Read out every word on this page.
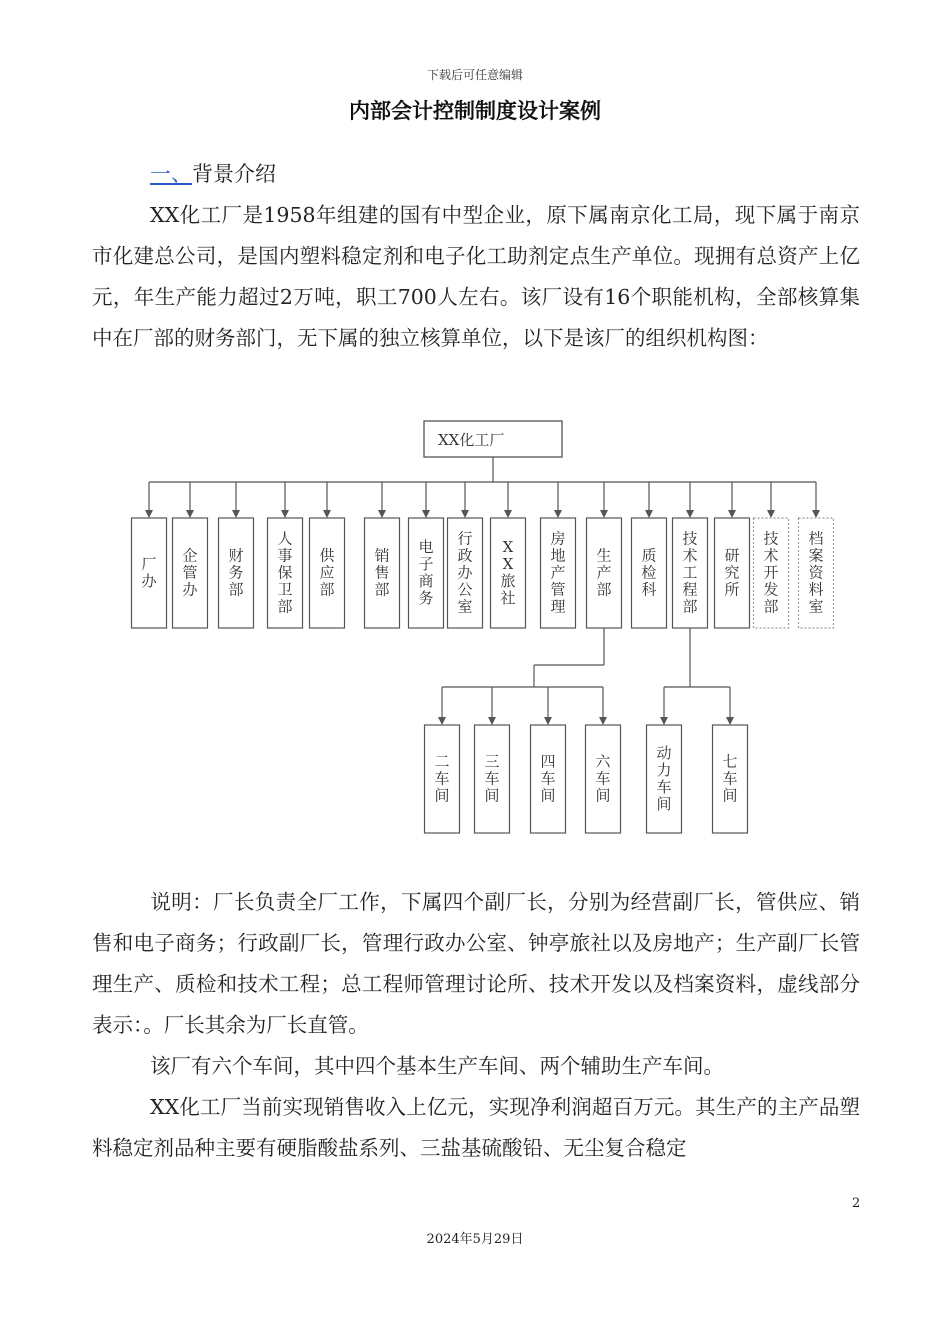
下载后可任意编辑
内部会计控制制度设计案例
一、背景介绍
XX化工厂是1958年组建的国有中型企业，原下属南京化工局，现下属于南京市化建总公司，是国内塑料稳定剂和电子化工助剂定点生产单位。现拥有总资产上亿元，年生产能力超过2万吨，职工700人左右。该厂设有16个职能机构，全部核算集中在厂部的财务部门，无下属的独立核算单位，以下是该厂的组织机构图：
XX化工厂
厂
办
企
管
办
财
务
部
人
事
保
卫
部
供
应
部
销
售
部
电
子
商
务
行
政
办
公
室
X
X
旅
社
房
地
产
管
理
生
产
部
质
检
科
技
术
工
程
部
研
究
所
技
术
开
发
部
档
案
资
料
室
二
车
间
三
车
间
四
车
间
六
车
间
动
力
车
间
七
车
间
说明：厂长负责全厂工作，下属四个副厂长，分别为经营副厂长，管供应、销售和电子商务；行政副厂长，管理行政办公室、钟亭旅社以及房地产；生产副厂长管理生产、质检和技术工程；总工程师管理讨论所、技术开发以及档案资料，虚线部分表示：。厂长其余为厂长直管。
该厂有六个车间，其中四个基本生产车间、两个辅助生产车间。
XX化工厂当前实现销售收入上亿元，实现净利润超百万元。其生产的主产品塑料稳定剂品种主要有硬脂酸盐系列、三盐基硫酸铅、无尘复合稳定
2
2024年5月29日
